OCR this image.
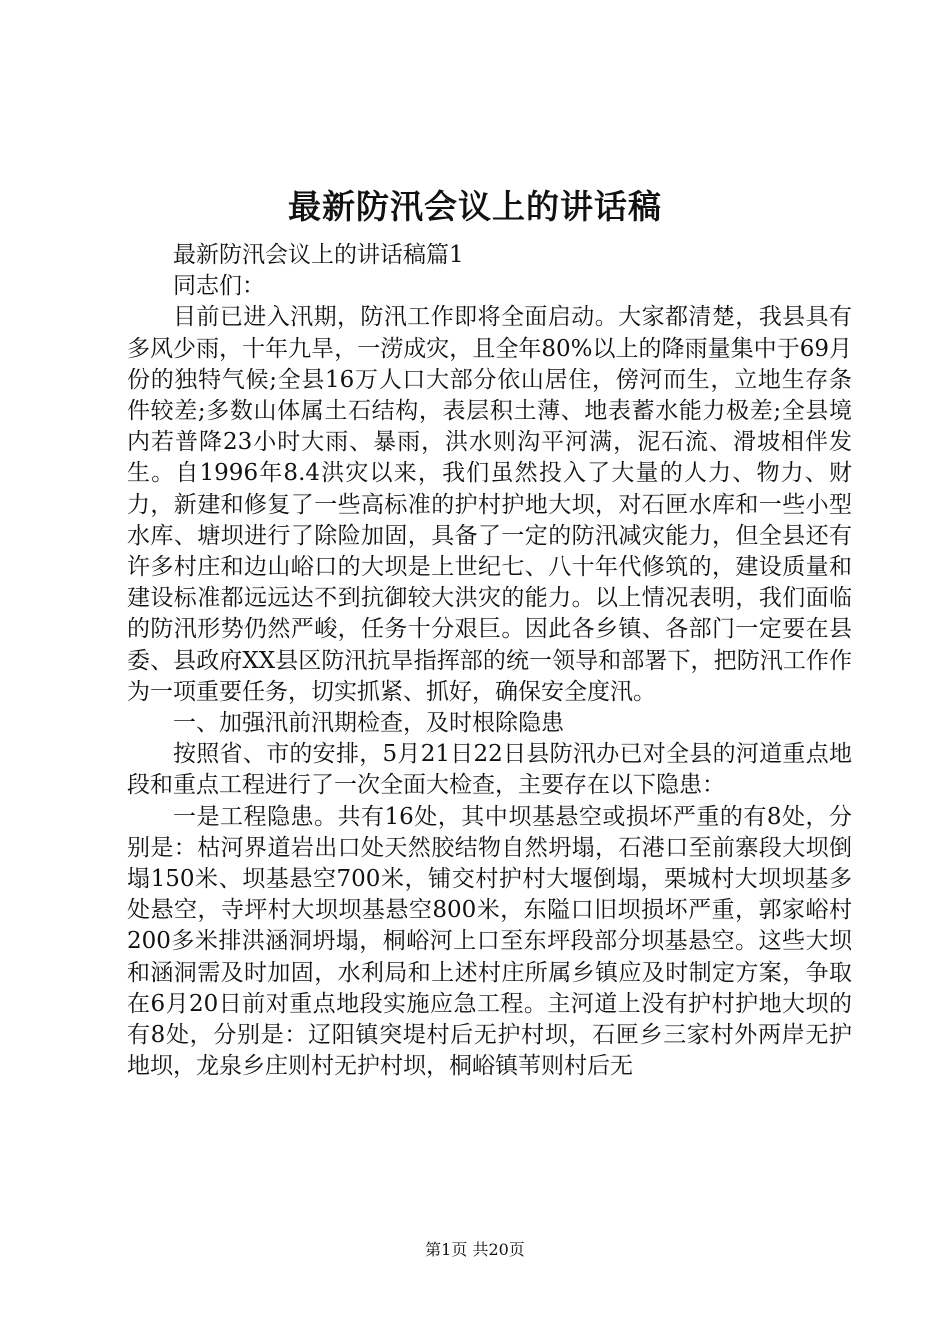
最新防汛会议上的讲话稿

最新防汛会议上的讲话稿篇1

同志们：

目前已进入汛期，防汛工作即将全面启动。大家都清楚，我县具有多风少雨，十年九旱，一涝成灾，且全年80%以上的降雨量集中于69月份的独特气候;全县16万人口大部分依山居住，傍河而生，立地生存条件较差;多数山体属土石结构，表层积土薄、地表蓄水能力极差;全县境内若普降23小时大雨、暴雨，洪水则沟平河满，泥石流、滑坡相伴发生。自1996年8.4洪灾以来，我们虽然投入了大量的人力、物力、财力，新建和修复了一些高标准的护村护地大坝，对石匣水库和一些小型水库、塘坝进行了除险加固，具备了一定的防汛减灾能力，但全县还有许多村庄和边山峪口的大坝是上世纪七、八十年代修筑的，建设质量和建设标准都远远达不到抗御较大洪灾的能力。以上情况表明，我们面临的防汛形势仍然严峻，任务十分艰巨。因此各乡镇、各部门一定要在县委、县政府XX县区防汛抗旱指挥部的统一领导和部署下，把防汛工作作为一项重要任务，切实抓紧、抓好，确保安全度汛。

一、加强汛前汛期检查，及时根除隐患

按照省、市的安排，5月21日22日县防汛办已对全县的河道重点地段和重点工程进行了一次全面大检查，主要存在以下隐患：

一是工程隐患。共有16处，其中坝基悬空或损坏严重的有8处，分别是：枯河界道岩出口处天然胶结物自然坍塌，石港口至前寨段大坝倒塌150米、坝基悬空700米，铺交村护村大堰倒塌，栗城村大坝坝基多处悬空，寺坪村大坝坝基悬空800米，东隘口旧坝损坏严重，郭家峪村200多米排洪涵洞坍塌，桐峪河上口至东坪段部分坝基悬空。这些大坝和涵洞需及时加固，水利局和上述村庄所属乡镇应及时制定方案，争取在6月20日前对重点地段实施应急工程。主河道上没有护村护地大坝的有8处，分别是：辽阳镇突堤村后无护村坝，石匣乡三家村外两岸无护地坝，龙泉乡庄则村无护村坝，桐峪镇苇则村后无

第1页 共20页
